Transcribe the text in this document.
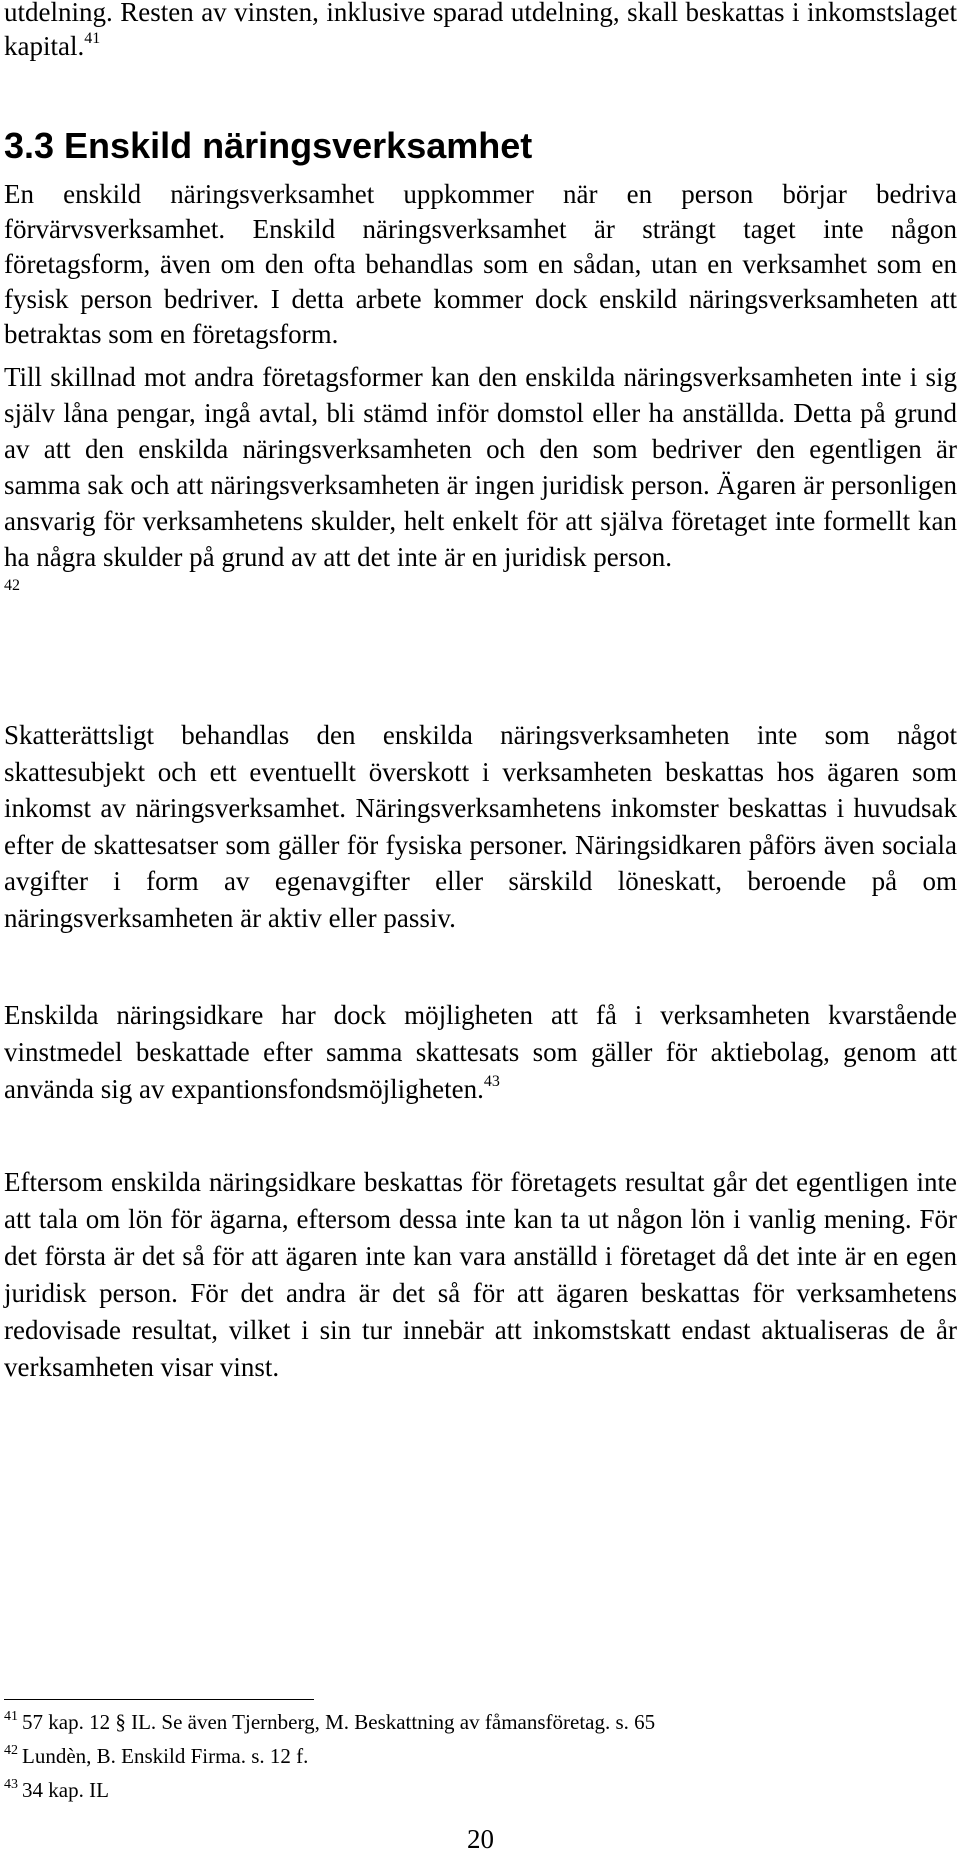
utdelning. Resten av vinsten, inklusive sparad utdelning, skall beskattas i inkomstslaget kapital.$^{41}$

3.3 Enskild näringsverksamhet

En enskild näringsverksamhet uppkommer när en person börjar bedriva förvärvsverksamhet. Enskild näringsverksamhet är strängt taget inte någon företagsform, även om den ofta behandlas som en sådan, utan en verksamhet som en fysisk person bedriver. I detta arbete kommer dock enskild näringsverksamheten att betraktas som en företagsform.

Till skillnad mot andra företagsformer kan den enskilda näringsverksamheten inte i sig själv låna pengar, ingå avtal, bli stämd inför domstol eller ha anställda. Detta på grund av att den enskilda näringsverksamheten och den som bedriver den egentligen är samma sak och att näringsverksamheten är ingen juridisk person. Ägaren är personligen ansvarig för verksamhetens skulder, helt enkelt för att själva företaget inte formellt kan ha några skulder på grund av att det inte är en juridisk person.
42

Skatterättsligt behandlas den enskilda näringsverksamheten inte som något skattesubjekt och ett eventuellt överskott i verksamheten beskattas hos ägaren som inkomst av näringsverksamhet. Näringsverksamhetens inkomster beskattas i huvudsak efter de skattesatser som gäller för fysiska personer. Näringsidkaren påförs även sociala avgifter i form av egenavgifter eller särskild löneskatt, beroende på om näringsverksamheten är aktiv eller passiv.

Enskilda näringsidkare har dock möjligheten att få i verksamheten kvarstående vinstmedel beskattade efter samma skattesats som gäller för aktiebolag, genom att använda sig av expantionsfondsmöjligheten.$^{43}$

Eftersom enskilda näringsidkare beskattas för företagets resultat går det egentligen inte att tala om lön för ägarna, eftersom dessa inte kan ta ut någon lön i vanlig mening. För det första är det så för att ägaren inte kan vara anställd i företaget då det inte är en egen juridisk person. För det andra är det så för att ägaren beskattas för verksamhetens redovisade resultat, vilket i sin tur innebär att inkomstskatt endast aktualiseras de år verksamheten visar vinst.

$^{41}$ 57 kap. 12 § IL. Se även Tjernberg, M. Beskattning av fåmansföretag. s. 65

$^{42}$ Lundèn, B. Enskild Firma. s. 12 f.

$^{43}$ 34 kap. IL

20
